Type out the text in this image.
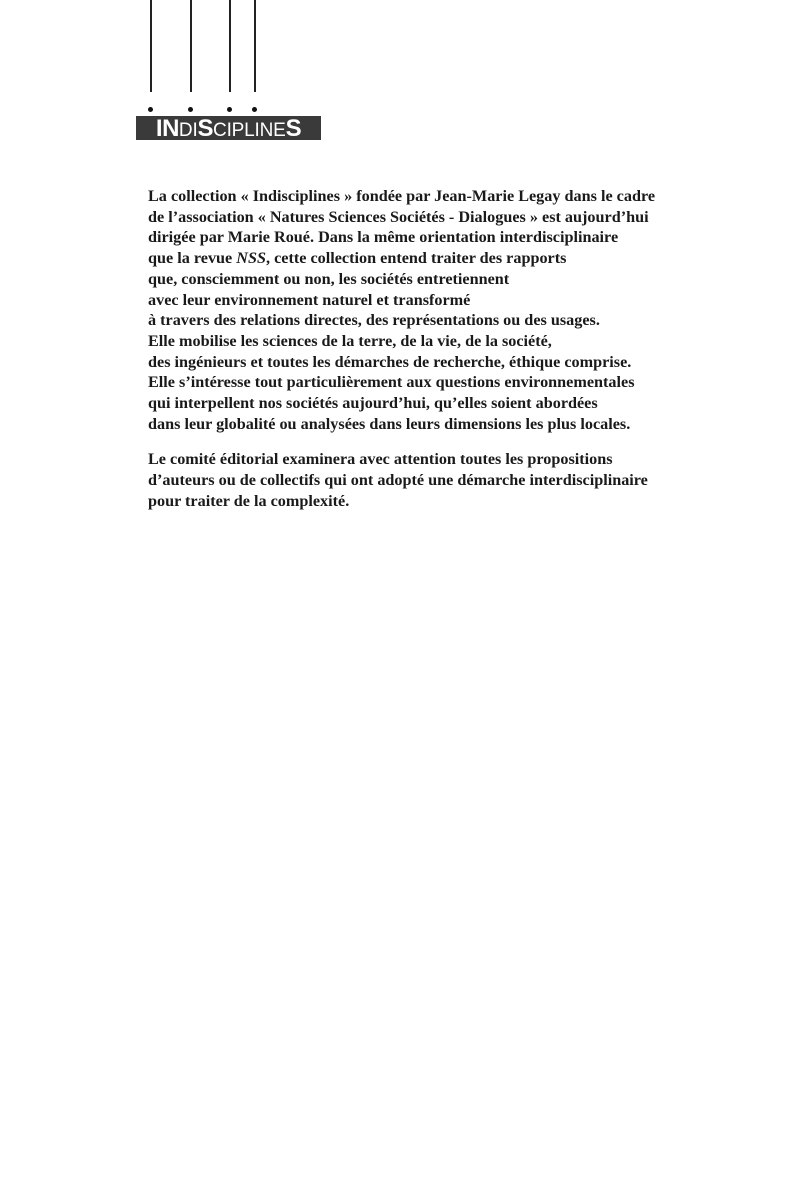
INDISCIPLINES
La collection « Indisciplines » fondée par Jean-Marie Legay dans le cadre
de l’association « Natures Sciences Sociétés - Dialogues » est aujourd’hui
dirigée par Marie Roué. Dans la même orientation interdisciplinaire
que la revue NSS, cette collection entend traiter des rapports
que, consciemment ou non, les sociétés entretiennent
avec leur environnement naturel et transformé
à travers des relations directes, des représentations ou des usages.
Elle mobilise les sciences de la terre, de la vie, de la société,
des ingénieurs et toutes les démarches de recherche, éthique comprise.
Elle s’intéresse tout particulièrement aux questions environnementales
qui interpellent nos sociétés aujourd’hui, qu’elles soient abordées
dans leur globalité ou analysées dans leurs dimensions les plus locales.
Le comité éditorial examinera avec attention toutes les propositions
d’auteurs ou de collectifs qui ont adopté une démarche interdisciplinaire
pour traiter de la complexité.
